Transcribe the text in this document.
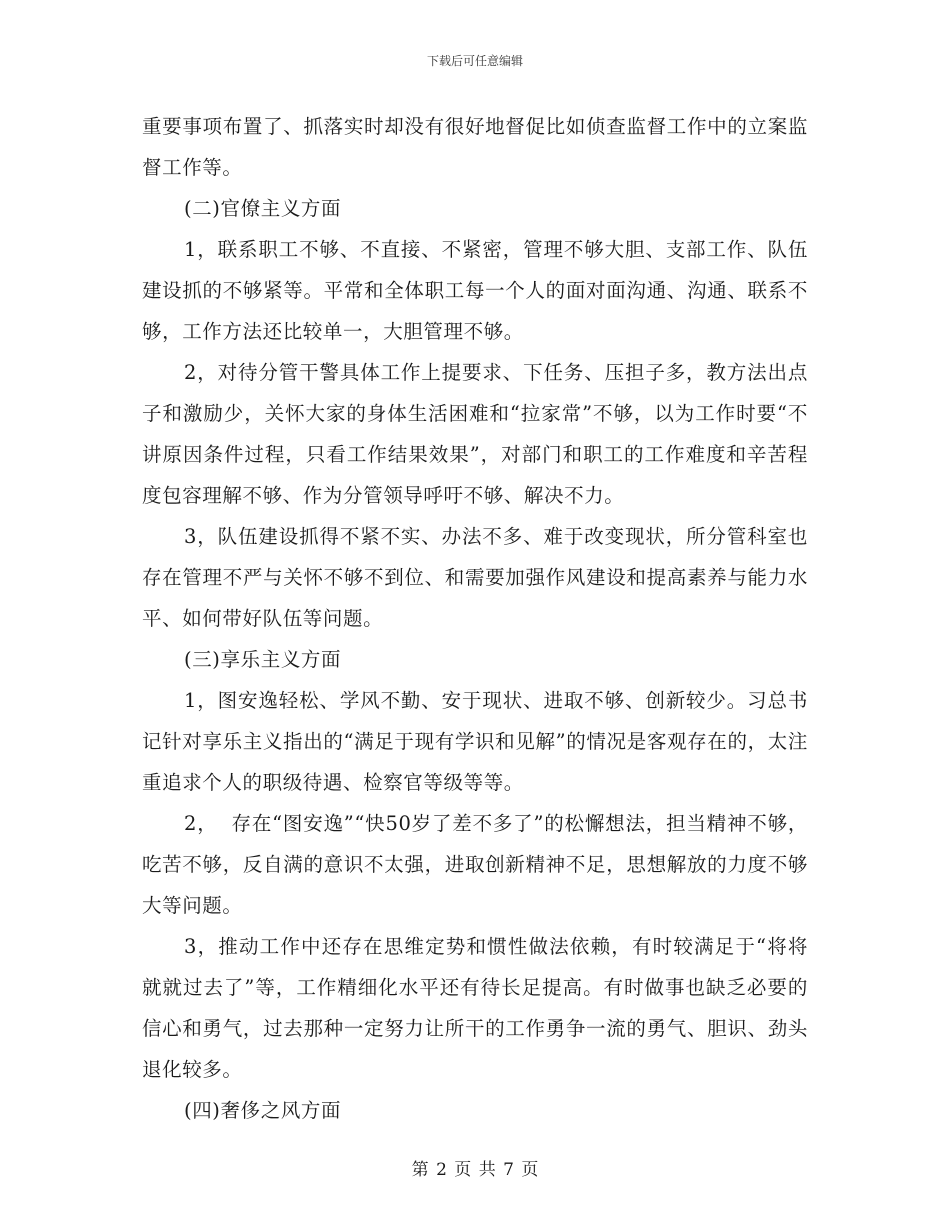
下载后可任意编辑

重要事项布置了、抓落实时却没有很好地督促比如侦查监督工作中的立案监督工作等。

(二)官僚主义方面

1，联系职工不够、不直接、不紧密，管理不够大胆、支部工作、队伍建设抓的不够紧等。平常和全体职工每一个人的面对面沟通、沟通、联系不够，工作方法还比较单一，大胆管理不够。

2，对待分管干警具体工作上提要求、下任务、压担子多，教方法出点子和激励少，关怀大家的身体生活困难和“拉家常”不够，以为工作时要“不讲原因条件过程，只看工作结果效果”，对部门和职工的工作难度和辛苦程度包容理解不够、作为分管领导呼吁不够、解决不力。

3，队伍建设抓得不紧不实、办法不多、难于改变现状，所分管科室也存在管理不严与关怀不够不到位、和需要加强作风建设和提高素养与能力水平、如何带好队伍等问题。

(三)享乐主义方面

1，图安逸轻松、学风不勤、安于现状、进取不够、创新较少。习总书记针对享乐主义指出的“满足于现有学识和见解”的情况是客观存在的，太注重追求个人的职级待遇、检察官等级等等。

2，  存在“图安逸”“快50岁了差不多了”的松懈想法，担当精神不够，吃苦不够，反自满的意识不太强，进取创新精神不足，思想解放的力度不够大等问题。

3，推动工作中还存在思维定势和惯性做法依赖，有时较满足于“将将就就过去了”等，工作精细化水平还有待长足提高。有时做事也缺乏必要的信心和勇气，过去那种一定努力让所干的工作勇争一流的勇气、胆识、劲头退化较多。

(四)奢侈之风方面

第 2 页 共 7 页
